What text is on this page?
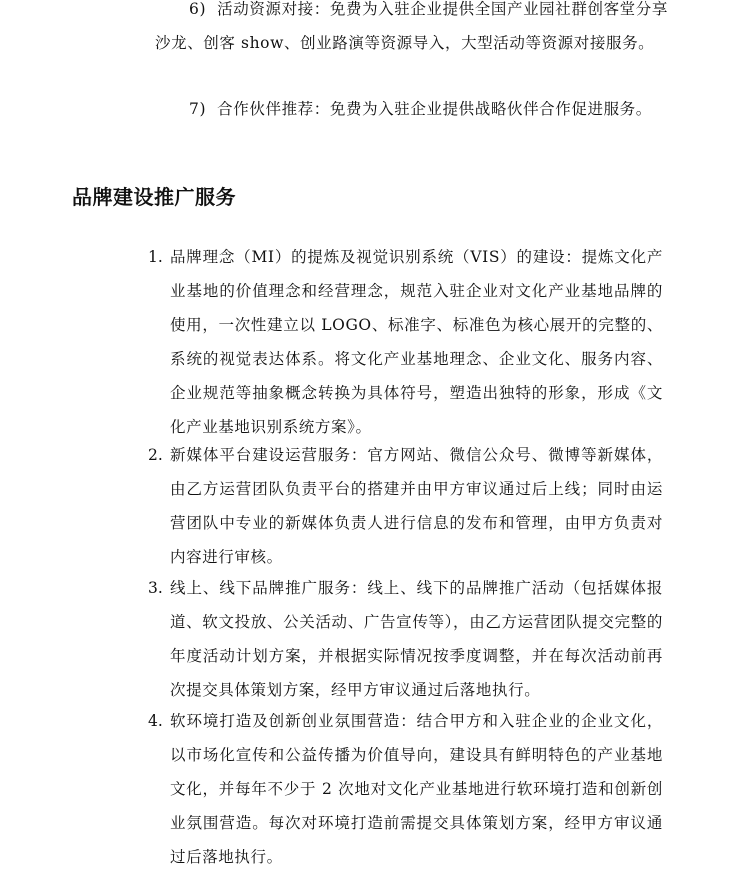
6) 活动资源对接：免费为入驻企业提供全国产业园社群创客堂分享沙龙、创客 show、创业路演等资源导入，大型活动等资源对接服务。

7) 合作伙伴推荐：免费为入驻企业提供战略伙伴合作促进服务。

品牌建设推广服务
1. 品牌理念（MI）的提炼及视觉识别系统（VIS）的建设：提炼文化产业基地的价值理念和经营理念，规范入驻企业对文化产业基地品牌的使用，一次性建立以 LOGO、标准字、标准色为核心展开的完整的、系统的视觉表达体系。将文化产业基地理念、企业文化、服务内容、企业规范等抽象概念转换为具体符号，塑造出独特的形象，形成《文化产业基地识别系统方案》。
2. 新媒体平台建设运营服务：官方网站、微信公众号、微博等新媒体，由乙方运营团队负责平台的搭建并由甲方审议通过后上线；同时由运营团队中专业的新媒体负责人进行信息的发布和管理，由甲方负责对内容进行审核。
3. 线上、线下品牌推广服务：线上、线下的品牌推广活动（包括媒体报道、软文投放、公关活动、广告宣传等），由乙方运营团队提交完整的年度活动计划方案，并根据实际情况按季度调整，并在每次活动前再次提交具体策划方案，经甲方审议通过后落地执行。
4. 软环境打造及创新创业氛围营造：结合甲方和入驻企业的企业文化，以市场化宣传和公益传播为价值导向，建设具有鲜明特色的产业基地文化，并每年不少于 2 次地对文化产业基地进行软环境打造和创新创业氛围营造。每次对环境打造前需提交具体策划方案，经甲方审议通过后落地执行。
